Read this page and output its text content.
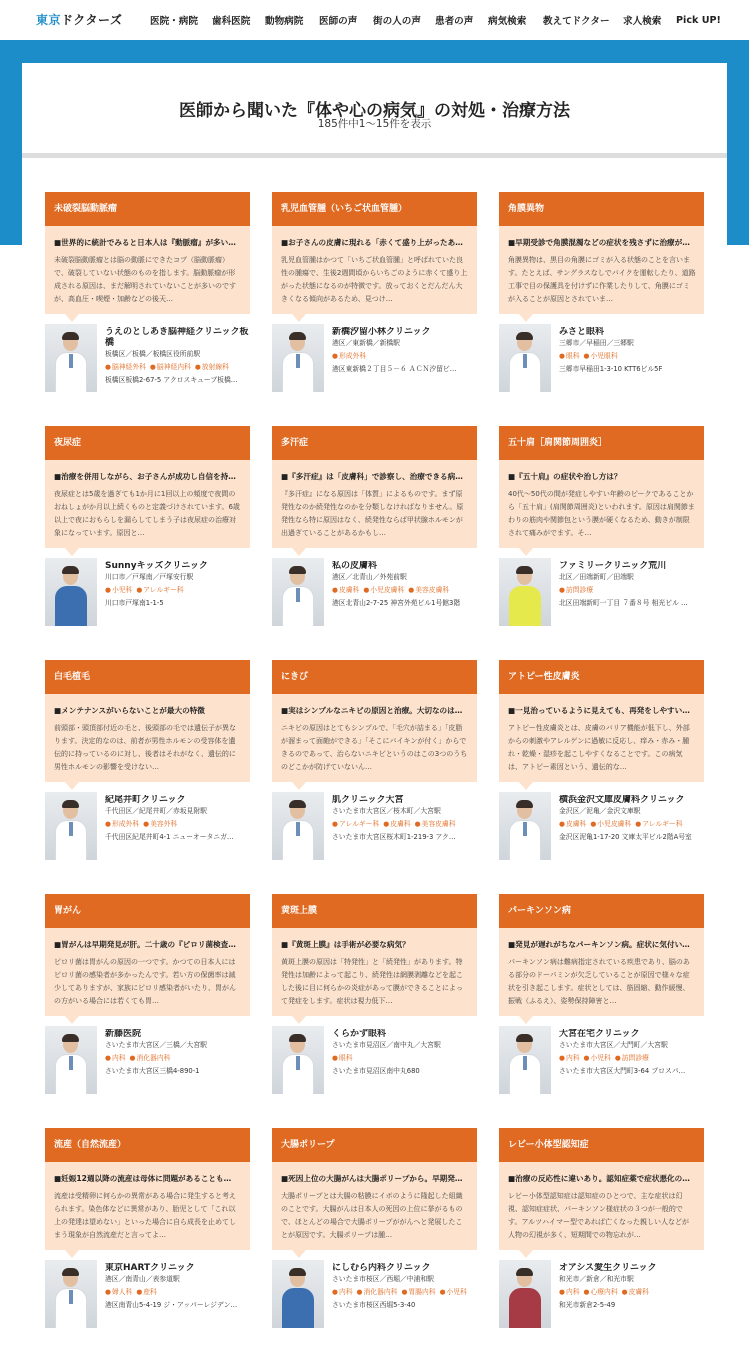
東京 ドクターズ	医院・病院 歯科医院 動物病院 医師の声 街の人の声 患者の声 病気検索 教えてドクター 求人検索 Pick UP!
医師から聞いた『体や心の病気』の対処・治療方法
185件中1〜15件を表示
未破裂脳動脈瘤
■世界的に統計でみると日本人は『動脈瘤』が多い…
未破裂脳動脈瘤とは脳の動脈にできたコブ（脳動脈瘤）で、破裂していない状態のものを指します。脳動脈瘤が形成される原因は、まだ解明されていないことが多いのですが、高血圧・喫煙・加齢などの後天…
うえのとしあき脳神経クリニック板橋
板橋区／板橋／板橋区役所前駅
● 脳神経外科 ● 脳神経内科 ● 放射線科
板橋区板橋2-67-5 アクロスキューブ板橋…
乳児血管腫（いちご状血管腫）
■お子さんの皮膚に現れる「赤くて盛り上がったあ…
乳児血管腫はかつて「いちご状血管腫」と呼ばれていた良性の腫瘍で、生後2週間頃からいちごのように赤くて盛り上がった状態になるのが特徴です。放っておくとだんだん大きくなる傾向があるため、見つけ…
新橋汐留小林クリニック
港区／東新橋／新橋駅
● 形成外科
港区東新橋２丁目５－６ ＡＣＮ汐留ビ…
角膜異物
■早期受診で角膜混濁などの症状を残さずに治療が…
角膜異物は、黒目の角膜にゴミが入る状態のことを言います。たとえば、サングラスなしでバイクを運転したり、道路工事で目の保護具を付けずに作業したりして、角膜にゴミが入ることが原因とされていま…
みさと眼科
三郷市／早稲田／三郷駅
● 眼科 ● 小児眼科
三郷市早稲田1-3-10 KTT6ビル5F
夜尿症
■治療を併用しながら、お子さんが成功し自信を持…
夜尿症とは5歳を過ぎても1か月に1回以上の頻度で夜間のおねしょがか月以上続くものと定義づけされています。6歳以上で夜におもらしを漏らしてしまう子は夜尿症の治療対象になっています。原因と…
Sunnyキッズクリニック
川口市／戸塚南／戸塚安行駅
● 小児科 ● アレルギー科
川口市戸塚南1-1-5
多汗症
■『多汗症』は「皮膚科」で診察し、治療できる病…
『多汗症』になる原因は「体質」によるものです。まず原発性なのか続発性なのかを分類しなければなりません。原発性なら特に原因はなく、続発性ならば甲状腺ホルモンが出過ぎていることがあるかもし…
私の皮膚科
港区／北青山／外苑前駅
● 皮膚科 ● 小児皮膚科 ● 美容皮膚科
港区北青山2-7-25 神宮外苑ビル1号館3階
五十肩［肩関節周囲炎］
■『五十肩』の症状や治し方は？
40代〜50代の間が発症しやすい年齢のピークであることから「五十肩」(肩関節周囲炎)といわれます。原因は肩関節まわりの筋肉や関節包という膜が硬くなるため、動きが制限されて痛みがでます。そ…
ファミリークリニック荒川
北区／田端新町／田端駅
● 訪問診療
北区田端新町一丁目 ７番８号 相光ビル …
白毛植毛
■メンテナンスがいらないことが最大の特徴
前頭部・頭頂部付近の毛と、後頭部の毛では遺伝子が異なります。決定的なのは、前者が男性ホルモンの受容体を遺伝的に持っているのに対し、後者はそれがなく、遺伝的に男性ホルモンの影響を受けない…
紀尾井町クリニック
千代田区／紀尾井町／赤坂見附駅
● 形成外科 ● 美容外科
千代田区紀尾井町4-1 ニューオータニガ…
にきび
■実はシンプルなニキビの原因と治療。大切なのは…
ニキビの原因はとてもシンプルで、「毛穴が詰まる」「皮脂が溜まって面皰ができる」「そこにバイキンが付く」からできるのであって、治らないニキビというのはこの3つのうちのどこかが防げていないん…
肌クリニック大宮
さいたま市大宮区／桜木町／大宮駅
● アレルギー科 ● 皮膚科 ● 美容皮膚科
さいたま市大宮区桜木町1-219-3 アク…
アトピー性皮膚炎
■一見治っているように見えても、再発をしやすい…
アトピー性皮膚炎とは、皮膚のバリア機能が低下し、外部からの刺激やアレルゲンに過敏に反応し、痒み・赤み・腫れ・乾燥・湿疹を起こしやすくなることです。この病気は、アトピー素因という、遺伝的な…
横浜金沢文庫皮膚科クリニック
金沢区／泥亀／金沢文庫駅
● 皮膚科 ● 小児皮膚科 ● アレルギー科
金沢区泥亀1-17-20 文庫太平ビル2階A号室
胃がん
■胃がんは早期発見が肝。二十歳の『ピロリ菌検査…
ピロリ菌は胃がんの原因の一つです。かつての日本人にはピロリ菌の感染者が多かったんです。若い方の保菌率は減少してありますが、家族にピロリ感染者がいたり、胃がんの方がいる場合には若くても胃…
新藤医院
さいたま市大宮区／三橋／大宮駅
● 内科 ● 消化器内科
さいたま市大宮区三橋4-890-1
黄斑上膜
■『黄斑上膜』は手術が必要な病気？
黄斑上膜の原因は「特発性」と「続発性」があります。特発性は加齢によって起こり、続発性は網膜剥離などを起こした後に目に何らかの炎症があって膜ができることによって発症をします。症状は視力低下…
くらかず眼科
さいたま市見沼区／南中丸／大宮駅
● 眼科
さいたま市見沼区南中丸680
パーキンソン病
■発見が遅れがちなパーキンソン病。症状に気付い…
パーキンソン病は難病指定されている疾患であり、脳のある部分のドーパミンが欠乏していることが原因で様々な症状を引き起こします。症状としては、筋固縮、動作緩慢、振戦（ふるえ）、姿勢保持障害と…
大宮在宅クリニック
さいたま市大宮区／大門町／大宮駅
● 内科 ● 小児科 ● 訪問診療
さいたま市大宮区大門町3-64 プロスパ…
流産（自然流産）
■妊娠12週以降の流産は母体に問題があることも…
流産は受精卵に何らかの異常がある場合に発生すると考えられます。染色体などに異常があり、胎児として「これ以上の発達は望めない」といった場合に自ら成長を止めてしまう現象が自然流産だと言ってよ…
東京HARTクリニック
港区／南青山／表参道駅
● 婦人科 ● 産科
港区南青山5-4-19 ジ・アッパーレジデン…
大腸ポリープ
■死因上位の大腸がんは大腸ポリープから。早期発…
大腸ポリープとは大腸の粘膜にイボのように隆起した組織のことです。大腸がんは日本人の死因の上位に挙がるもので、ほとんどの場合で大腸ポリープががんへと発展したことが原因です。大腸ポリープは腫…
にしむら内科クリニック
さいたま市桜区／西堀／中浦和駅
● 内科 ● 消化器内科 ● 胃腸内科 ● 小児科
さいたま市桜区西堀5-3-40
レビー小体型認知症
■治療の反応性に違いあり。認知症薬で症状悪化の…
レビー小体型認知症は認知症のひとつで、主な症状は幻視、認知症症状、パーキンソン様症状の３つが一般的です。アルツハイマー型であれば亡くなった親しい人などが人物の幻視が多く、短期間での物忘れが…
オアシス愛生クリニック
和光市／新倉／和光市駅
● 内科 ● 心療内科 ● 皮膚科
和光市新倉2-5-49
